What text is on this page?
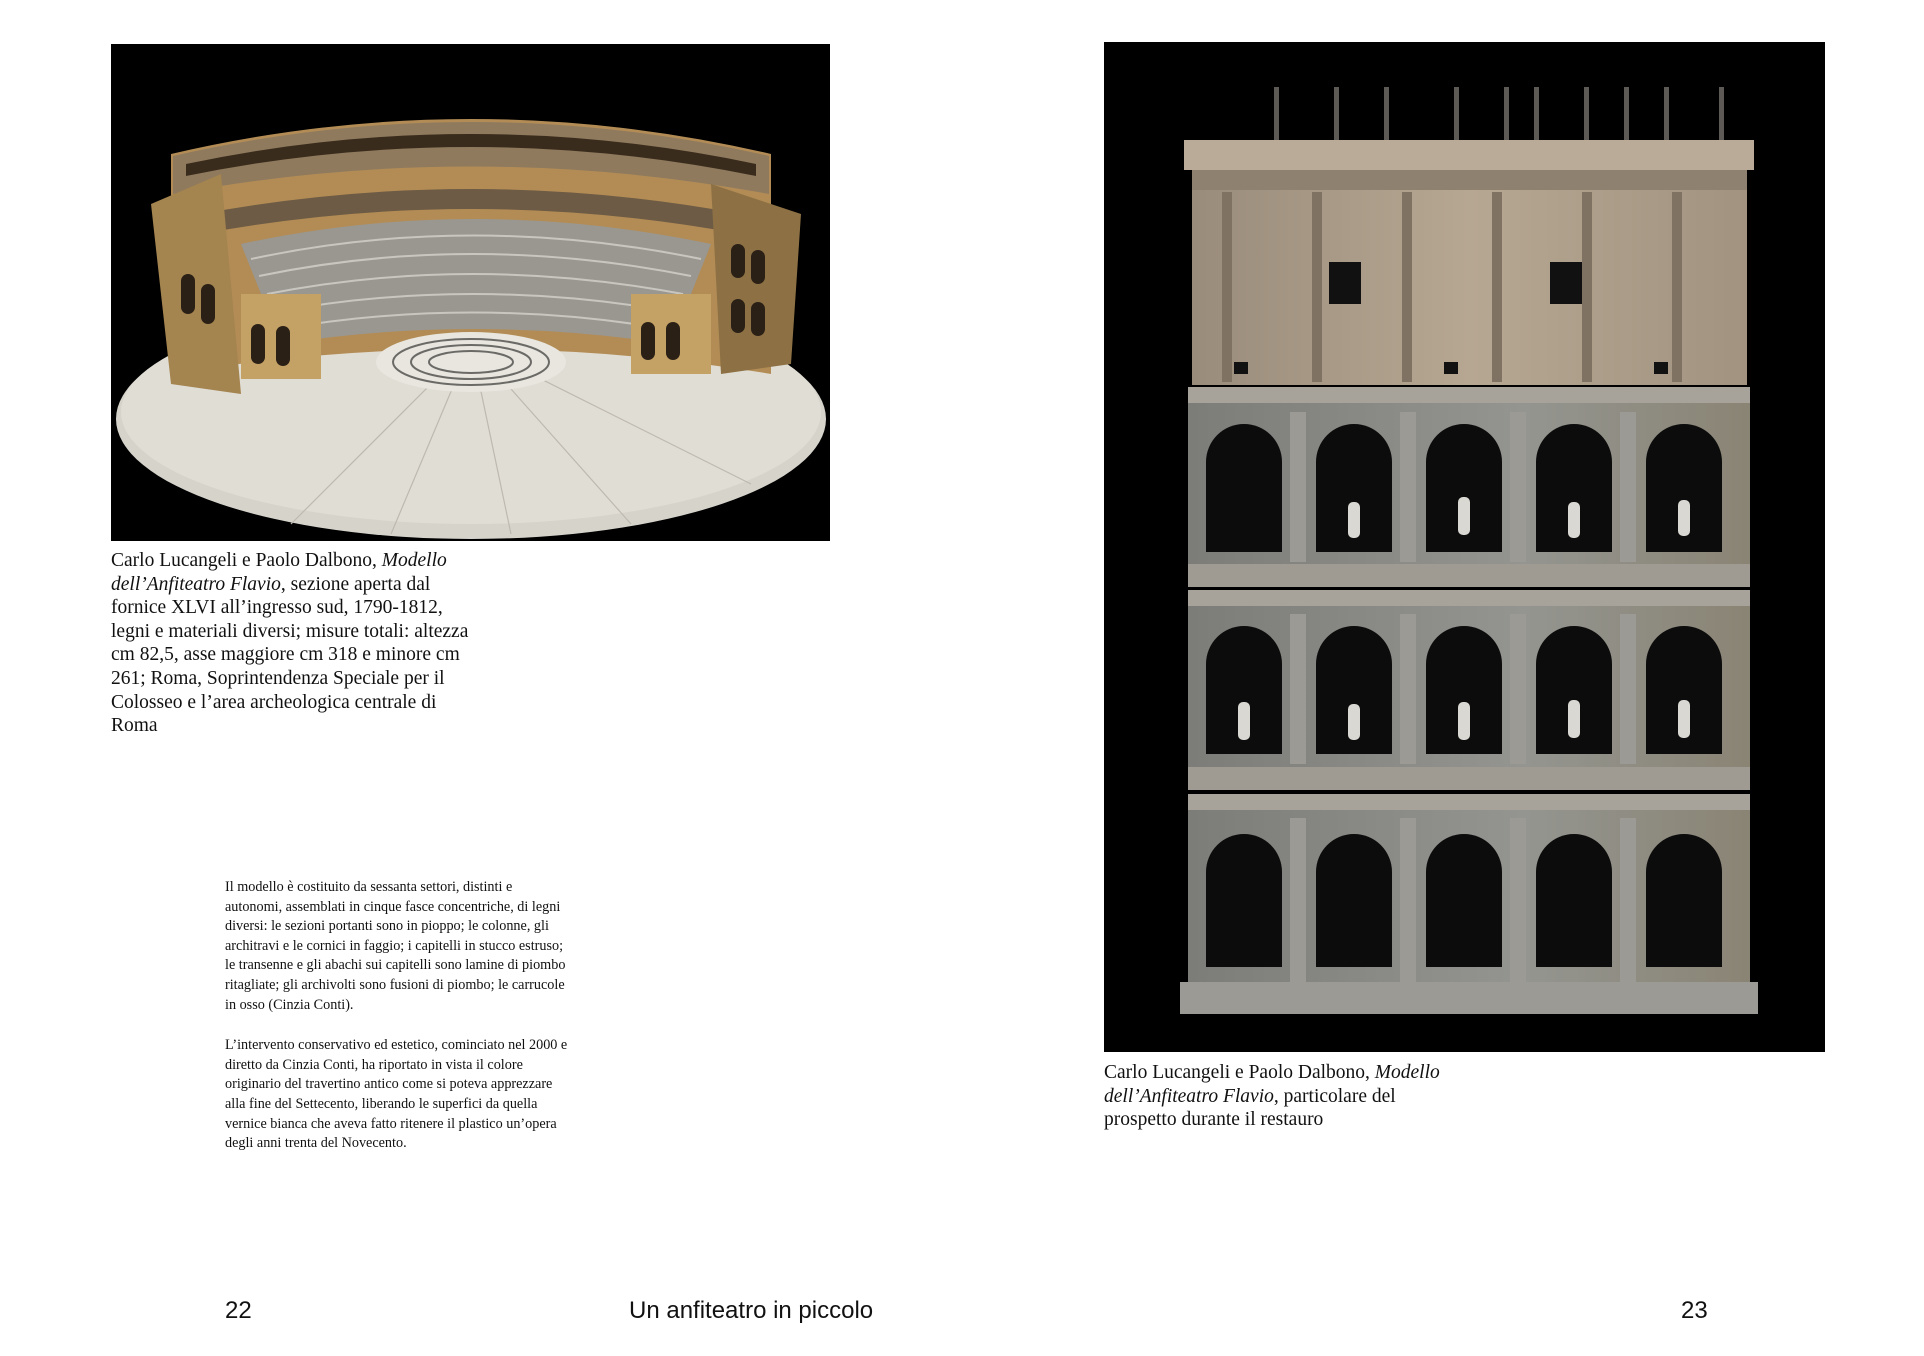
Carlo Lucangeli e Paolo Dalbono, Modello dell’Anfiteatro Flavio, sezione aperta dal fornice XLVI all’ingresso sud, 1790-1812, legni e materiali diversi; misure totali: altezza cm 82,5, asse maggiore cm 318 e minore cm 261; Roma, Soprintendenza Speciale per il Colosseo e l’area archeologica centrale di Roma

Il modello è costituito da sessanta settori, distinti e autonomi, assemblati in cinque fasce concentriche, di legni diversi: le sezioni portanti sono in pioppo; le colonne, gli architravi e le cornici in faggio; i capitelli in stucco estruso; le transenne e gli abachi sui capitelli sono lamine di piombo ritagliate; gli archivolti sono fusioni di piombo; le carrucole in osso (Cinzia Conti).

L’intervento conservativo ed estetico, cominciato nel 2000 e diretto da Cinzia Conti, ha riportato in vista il colore originario del travertino antico come si poteva apprezzare alla fine del Settecento, liberando le superfici da quella vernice bianca che aveva fatto ritenere il plastico un’opera degli anni trenta del Novecento.

22	Un anfiteatro in piccolo
Carlo Lucangeli e Paolo Dalbono, Modello dell’Anfiteatro Flavio, particolare del prospetto durante il restauro
23
